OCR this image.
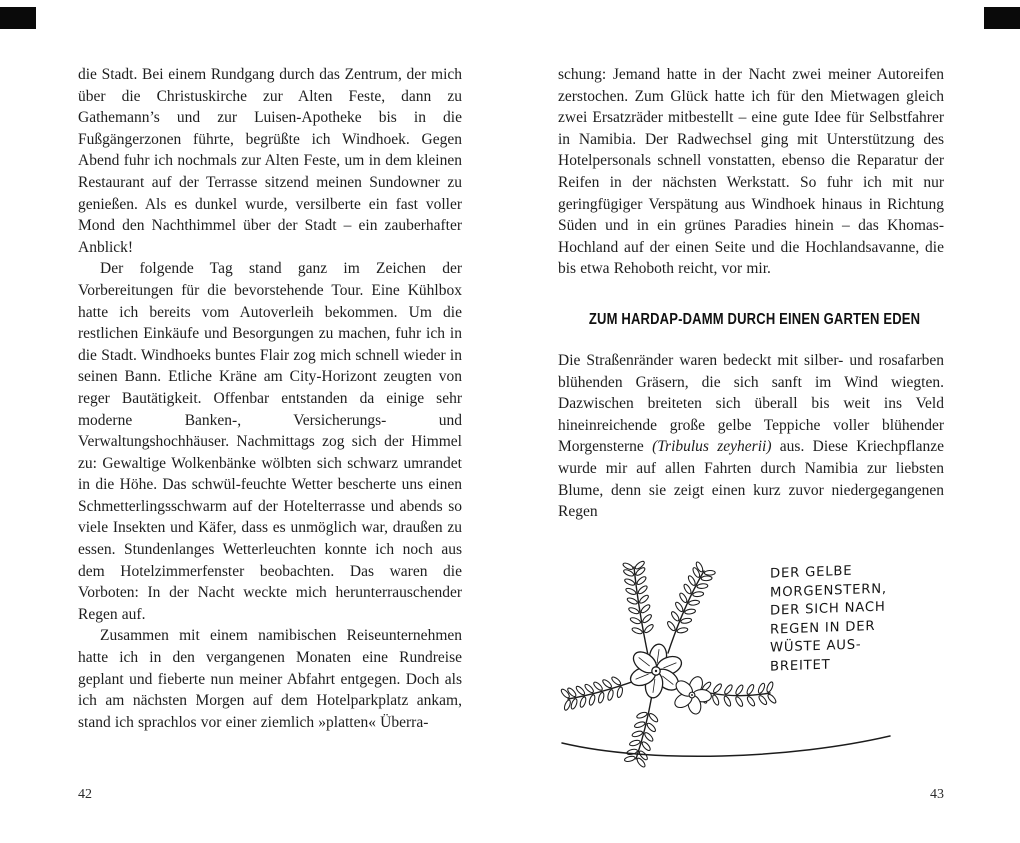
die Stadt. Bei einem Rundgang durch das Zentrum, der mich über die Christuskirche zur Alten Feste, dann zu Gathemann’s und zur Luisen-Apotheke bis in die Fußgängerzonen führte, begrüßte ich Windhoek. Gegen Abend fuhr ich nochmals zur Alten Feste, um in dem kleinen Restaurant auf der Terrasse sitzend meinen Sundowner zu genießen. Als es dunkel wurde, versilberte ein fast voller Mond den Nachthimmel über der Stadt – ein zauberhafter Anblick!

Der folgende Tag stand ganz im Zeichen der Vorbereitungen für die bevorstehende Tour. Eine Kühlbox hatte ich bereits vom Autoverleih bekommen. Um die restlichen Einkäufe und Besorgungen zu machen, fuhr ich in die Stadt. Windhoeks buntes Flair zog mich schnell wieder in seinen Bann. Etliche Kräne am City-Horizont zeugten von reger Bautätigkeit. Offenbar entstanden da einige sehr moderne Banken-, Versicherungs- und Verwaltungshochhäuser. Nachmittags zog sich der Himmel zu: Gewaltige Wolkenbänke wölbten sich schwarz umrandet in die Höhe. Das schwül-feuchte Wetter bescherte uns einen Schmetterlingsschwarm auf der Hotelterrasse und abends so viele Insekten und Käfer, dass es unmöglich war, draußen zu essen. Stundenlanges Wetterleuchten konnte ich noch aus dem Hotelzimmerfenster beobachten. Das waren die Vorboten: In der Nacht weckte mich herunterrauschender Regen auf.

Zusammen mit einem namibischen Reiseunternehmen hatte ich in den vergangenen Monaten eine Rundreise geplant und fieberte nun meiner Abfahrt entgegen. Doch als ich am nächsten Morgen auf dem Hotelparkplatz ankam, stand ich sprachlos vor einer ziemlich »platten« Überra-

42

schung: Jemand hatte in der Nacht zwei meiner Autoreifen zerstochen. Zum Glück hatte ich für den Mietwagen gleich zwei Ersatzräder mitbestellt – eine gute Idee für Selbstfahrer in Namibia. Der Radwechsel ging mit Unterstützung des Hotelpersonals schnell vonstatten, ebenso die Reparatur der Reifen in der nächsten Werkstatt. So fuhr ich mit nur geringfügiger Verspätung aus Windhoek hinaus in Richtung Süden und in ein grünes Paradies hinein – das Khomas-Hochland auf der einen Seite und die Hochlandsavanne, die bis etwa Rehoboth reicht, vor mir.

ZUM HARDAP-DAMM DURCH EINEN GARTEN EDEN

Die Straßenränder waren bedeckt mit silber- und rosafarben blühenden Gräsern, die sich sanft im Wind wiegten. Dazwischen breiteten sich überall bis weit ins Veld hineinreichende große gelbe Teppiche voller blühender Morgensterne (Tribulus zeyherii) aus. Diese Kriechpflanze wurde mir auf allen Fahrten durch Namibia zur liebsten Blume, denn sie zeigt einen kurz zuvor niedergegangenen Regen

DER GELBE
MORGENSTERN,
DER SICH NACH
REGEN IN DER
WÜSTE AUS-
BREITET
43
